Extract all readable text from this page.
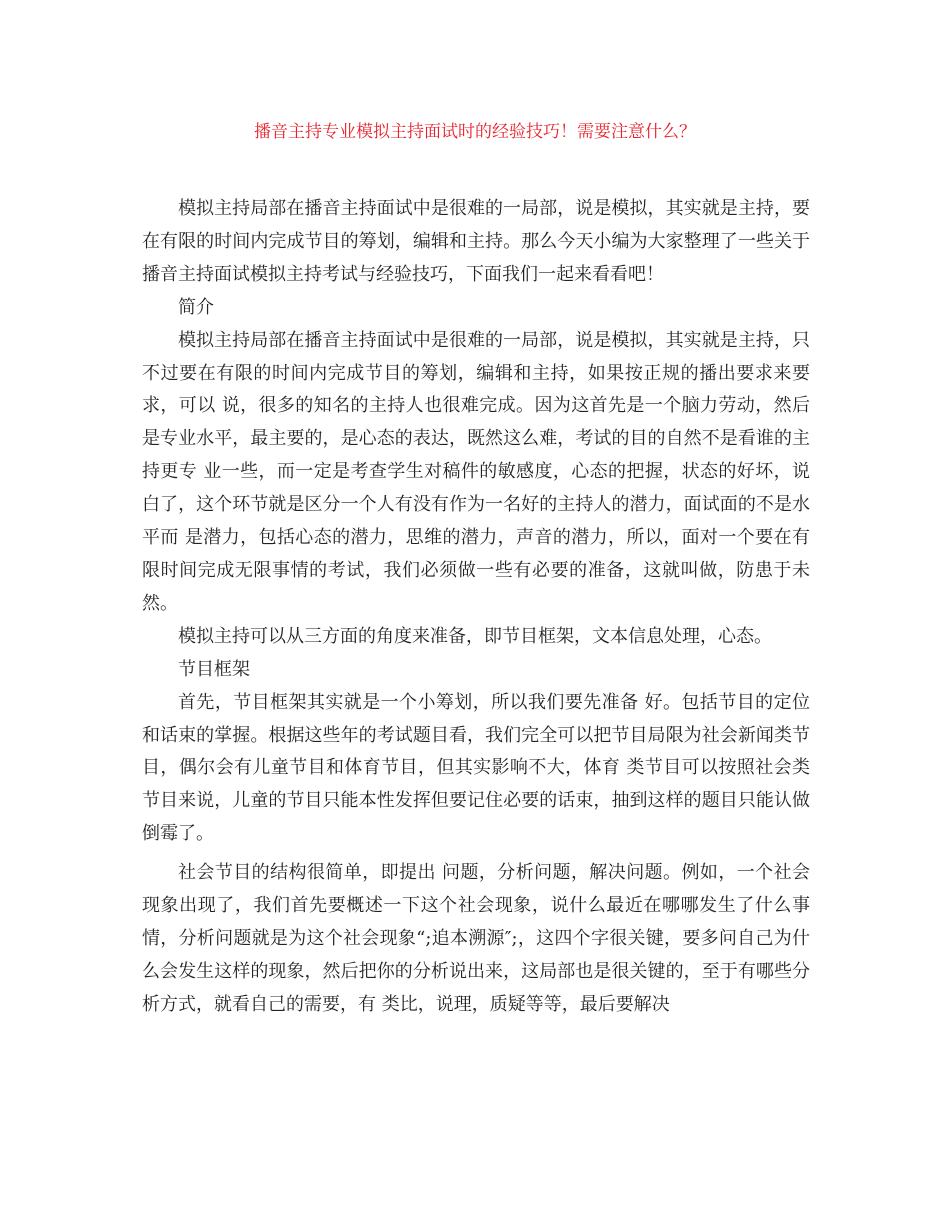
播音主持专业模拟主持面试时的经验技巧！需要注意什么？

模拟主持局部在播音主持面试中是很难的一局部，说是模拟，其实就是主持，要在有限的时间内完成节目的筹划，编辑和主持。那么今天小编为大家整理了一些关于播音主持面试模拟主持考试与经验技巧，下面我们一起来看看吧！

简介

模拟主持局部在播音主持面试中是很难的一局部，说是模拟，其实就是主持，只不过要在有限的时间内完成节目的筹划，编辑和主持，如果按正规的播出要求来要求，可以 说，很多的知名的主持人也很难完成。因为这首先是一个脑力劳动，然后是专业水平，最主要的，是心态的表达，既然这么难，考试的目的自然不是看谁的主持更专 业一些，而一定是考查学生对稿件的敏感度，心态的把握，状态的好坏，说白了，这个环节就是区分一个人有没有作为一名好的主持人的潜力，面试面的不是水平而 是潜力，包括心态的潜力，思维的潜力，声音的潜力，所以，面对一个要在有限时间完成无限事情的考试，我们必须做一些有必要的准备，这就叫做，防患于未 然。

模拟主持可以从三方面的角度来准备，即节目框架，文本信息处理，心态。

节目框架

首先，节目框架其实就是一个小筹划，所以我们要先准备 好。包括节目的定位和话束的掌握。根据这些年的考试题目看，我们完全可以把节目局限为社会新闻类节目，偶尔会有儿童节目和体育节目，但其实影响不大，体育 类节目可以按照社会类节目来说，儿童的节目只能本性发挥但要记住必要的话束，抽到这样的题目只能认做倒霉了。

社会节目的结构很简单，即提出 问题，分析问题，解决问题。例如，一个社会现象出现了，我们首先要概述一下这个社会现象，说什么最近在哪哪发生了什么事情，分析问题就是为这个社会现象“;追本溯源″;，这四个字很关键，要多问自己为什么会发生这样的现象，然后把你的分析说出来，这局部也是很关键的，至于有哪些分析方式，就看自己的需要，有 类比，说理，质疑等等，最后要解决
